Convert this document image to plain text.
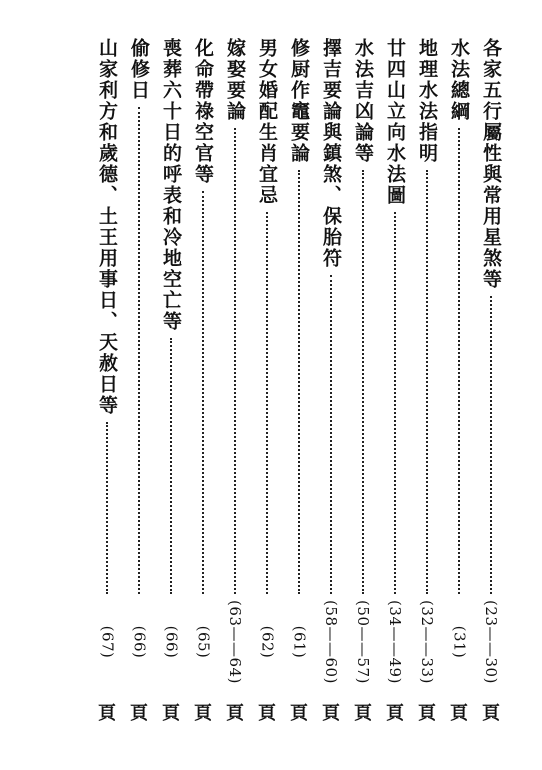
各家五行屬性與常用星煞等
(23——30)
頁
水法總綱
(31)
頁
地理水法指明
(32——33)
頁
廿四山立向水法圖
(34——49)
頁
水法吉凶論等
(50——57)
頁
擇吉要論與鎮煞、保胎符
(58——60)
頁
修厨作竈要論
(61)
頁
男女婚配生肖宜忌
(62)
頁
嫁娶要論
(63——64)
頁
化命帶祿空官等
(65)
頁
喪葬六十日的呼表和冷地空亡等
(66)
頁
偷修日
(66)
頁
山家利方和歲德、土王用事日、天赦日等
(67)
頁
